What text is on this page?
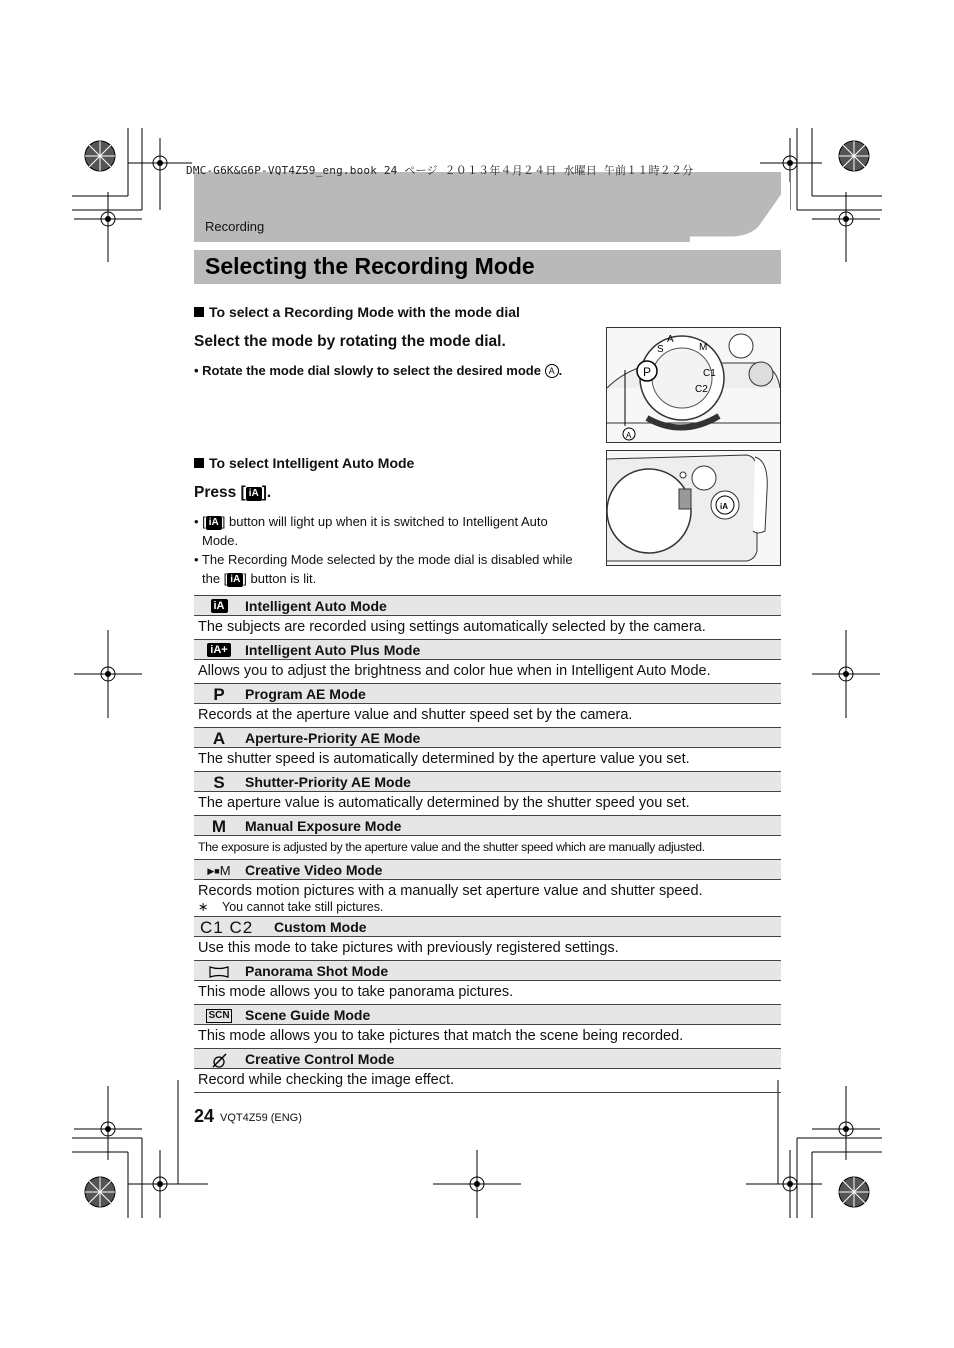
DMC-G6K&G6P-VQT4Z59_eng.book 24 ページ ２０１３年４月２４日 水曜日 午前１１時２２分
Recording
Selecting the Recording Mode
To select a Recording Mode with the mode dial
Select the mode by rotating the mode dial.
• Rotate the mode dial slowly to select the desired mode A .	P
S
A
M
C1
C2
A
To select Intelligent Auto Mode
Press [ iA ].
• [ iA ] button will light up when it is switched to Intelligent Auto
Mode.
• The Recording Mode selected by the mode dial is disabled while
the [ iA ] button is lit.
iA
iA	Intelligent Auto Mode
The subjects are recorded using settings automatically selected by the camera.
iA+	Intelligent Auto Plus Mode
Allows you to adjust the brightness and color hue when in Intelligent Auto Mode.
P	Program AE Mode
Records at the aperture value and shutter speed set by the camera.
A	Aperture-Priority AE Mode
The shutter speed is automatically determined by the aperture value you set.
S	Shutter-Priority AE Mode
The aperture value is automatically determined by the shutter speed you set.
M	Manual Exposure Mode
The exposure is adjusted by the aperture value and the shutter speed which are manually adjusted.
▶■M	Creative Video Mode
Records motion pictures with a manually set aperture value and shutter speed.
∗ You cannot take still pictures.
C1 C2	Custom Mode
Use this mode to take pictures with previously registered settings.
Panorama Shot Mode
This mode allows you to take panorama pictures.
SCN	Scene Guide Mode
This mode allows you to take pictures that match the scene being recorded.
Creative Control Mode
Record while checking the image effect.
24 VQT4Z59 (ENG)
